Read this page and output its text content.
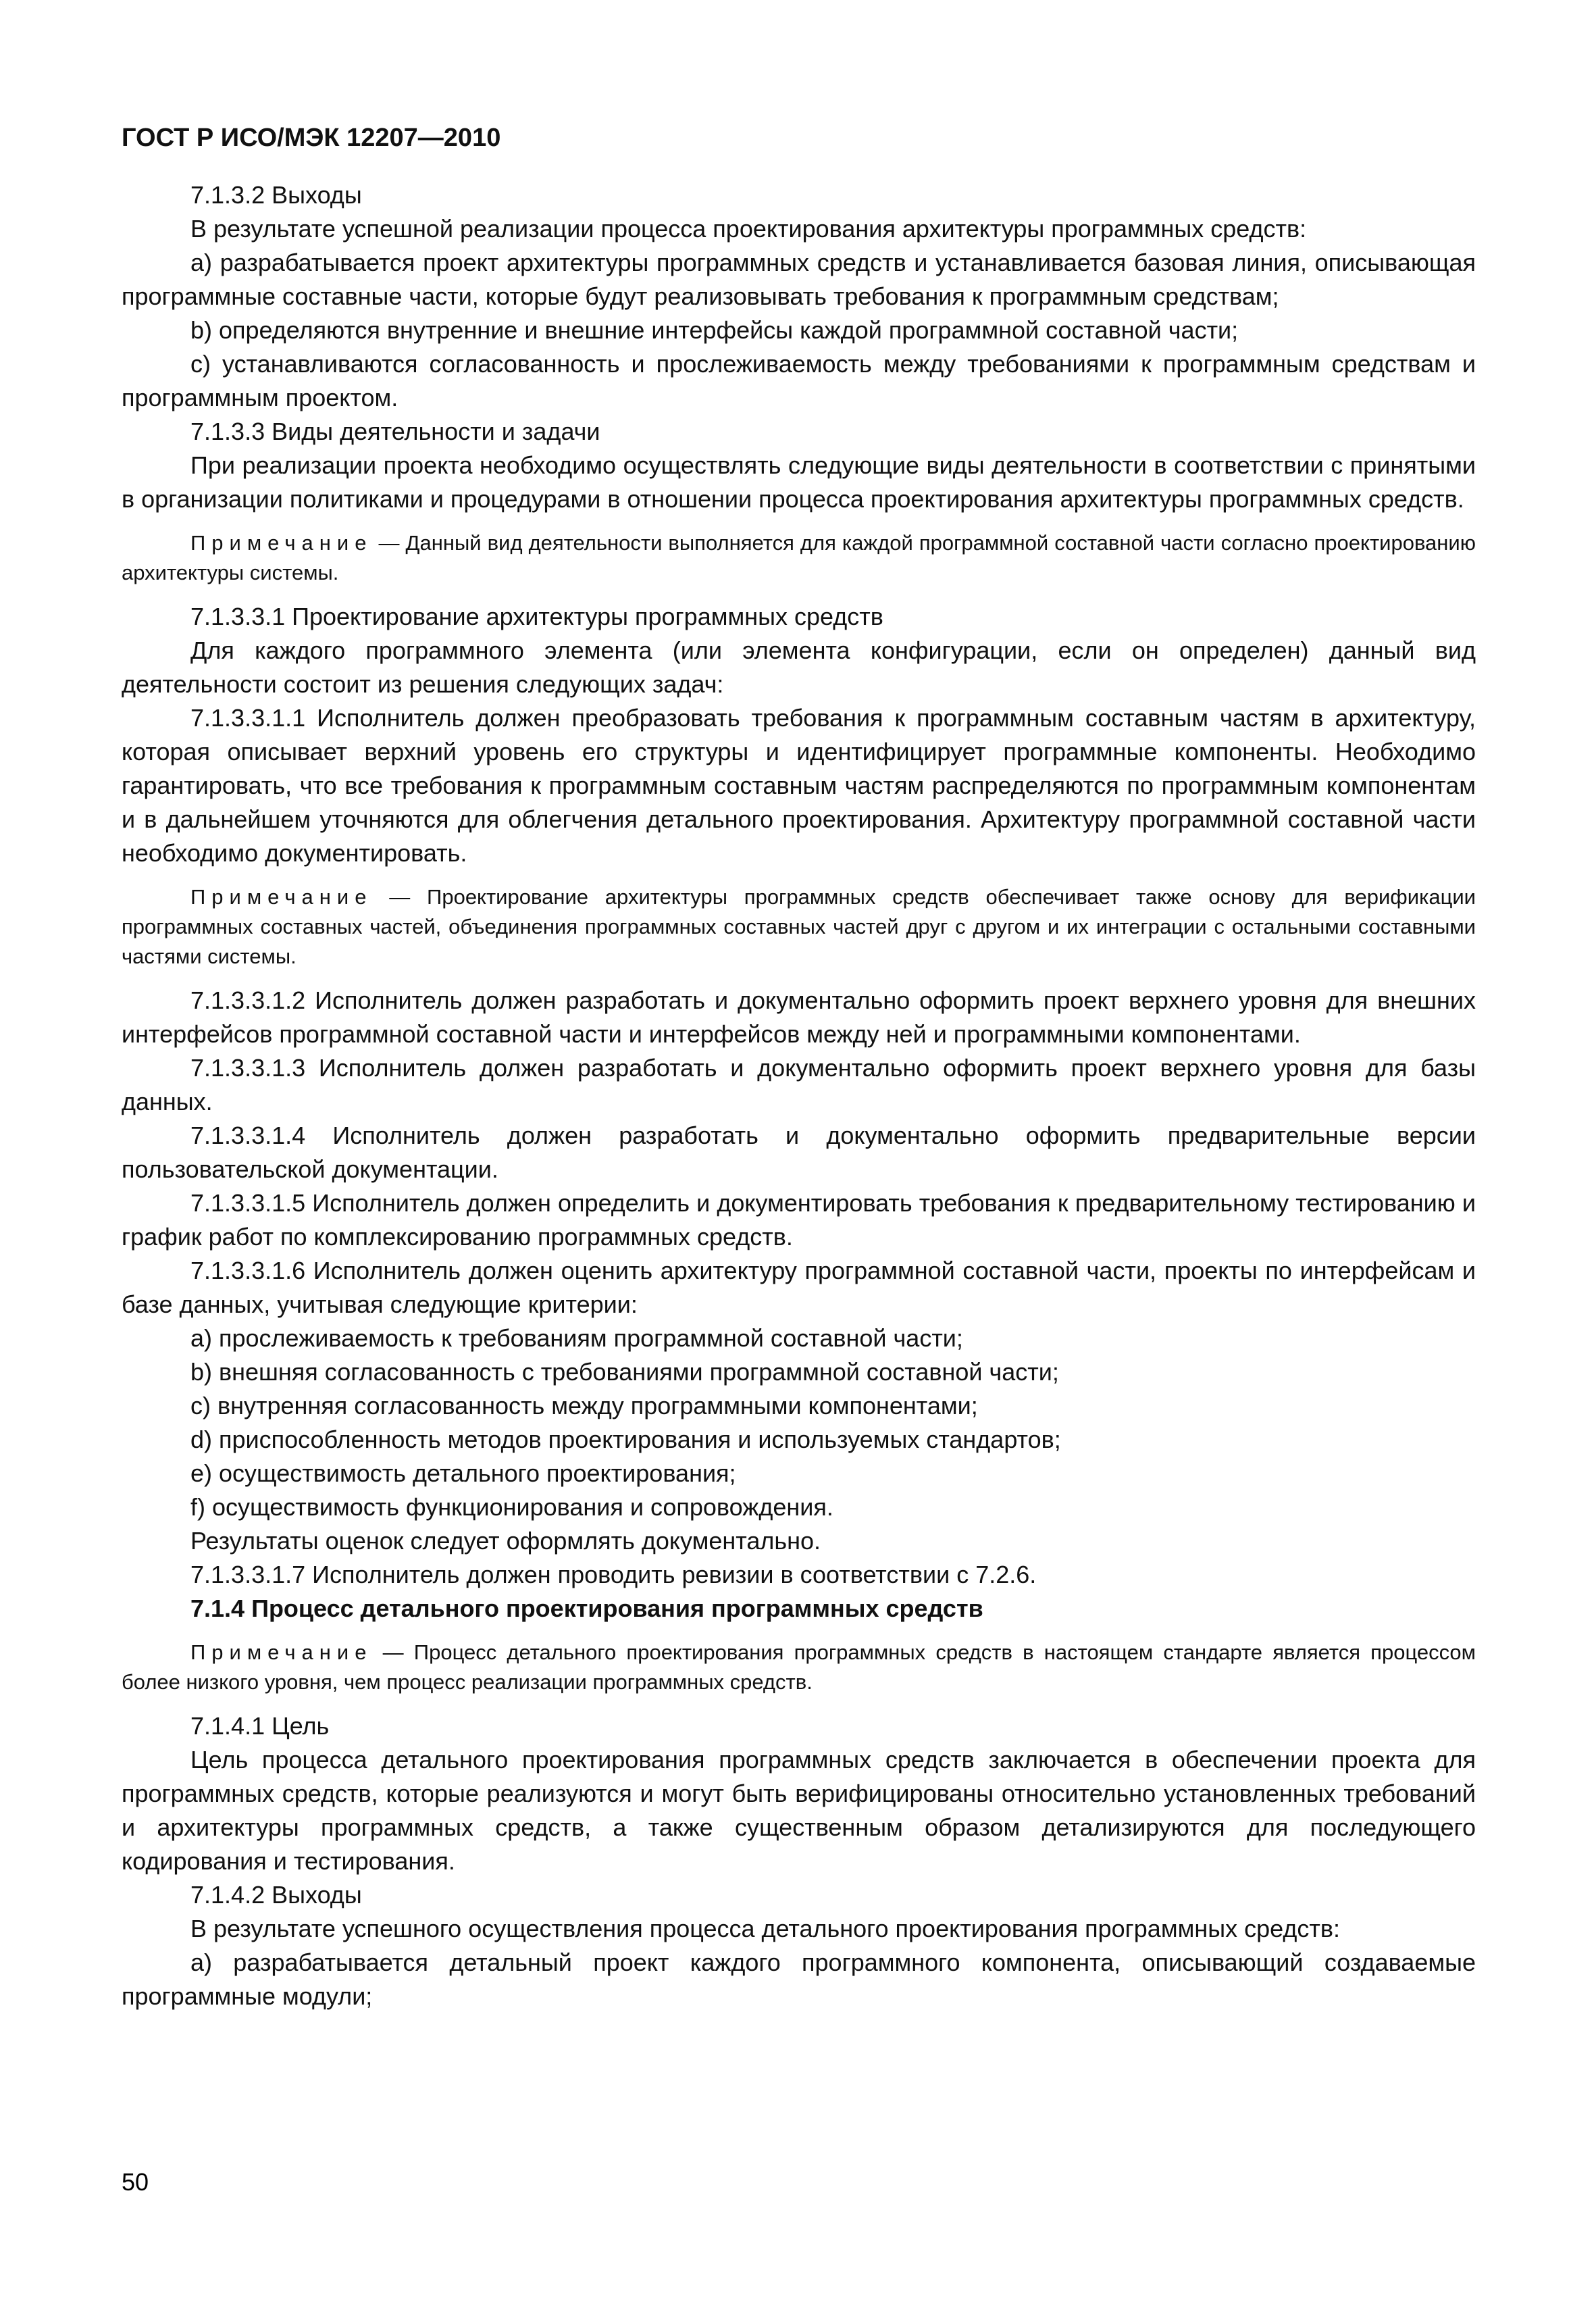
ГОСТ Р ИСО/МЭК 12207—2010

7.1.3.2 Выходы

В результате успешной реализации процесса проектирования архитектуры программных средств:

a) разрабатывается проект архитектуры программных средств и устанавливается базовая линия, описывающая программные составные части, которые будут реализовывать требования к программным средствам;

b) определяются внутренние и внешние интерфейсы каждой программной составной части;

c) устанавливаются согласованность и прослеживаемость между требованиями к программным средствам и программным проектом.

7.1.3.3 Виды деятельности и задачи

При реализации проекта необходимо осуществлять следующие виды деятельности в соответствии с принятыми в организации политиками и процедурами в отношении процесса проектирования архитектуры программных средств.

Примечание — Данный вид деятельности выполняется для каждой программной составной части согласно проектированию архитектуры системы.

7.1.3.3.1 Проектирование архитектуры программных средств

Для каждого программного элемента (или элемента конфигурации, если он определен) данный вид деятельности состоит из решения следующих задач:

7.1.3.3.1.1 Исполнитель должен преобразовать требования к программным составным частям в архитектуру, которая описывает верхний уровень его структуры и идентифицирует программные компоненты. Необходимо гарантировать, что все требования к программным составным частям распределяются по программным компонентам и в дальнейшем уточняются для облегчения детального проектирования. Архитектуру программной составной части необходимо документировать.

Примечание — Проектирование архитектуры программных средств обеспечивает также основу для верификации программных составных частей, объединения программных составных частей друг с другом и их интеграции с остальными составными частями системы.

7.1.3.3.1.2 Исполнитель должен разработать и документально оформить проект верхнего уровня для внешних интерфейсов программной составной части и интерфейсов между ней и программными компонентами.

7.1.3.3.1.3 Исполнитель должен разработать и документально оформить проект верхнего уровня для базы данных.

7.1.3.3.1.4 Исполнитель должен разработать и документально оформить предварительные версии пользовательской документации.

7.1.3.3.1.5 Исполнитель должен определить и документировать требования к предварительному тестированию и график работ по комплексированию программных средств.

7.1.3.3.1.6 Исполнитель должен оценить архитектуру программной составной части, проекты по интерфейсам и базе данных, учитывая следующие критерии:

a) прослеживаемость к требованиям программной составной части;

b) внешняя согласованность с требованиями программной составной части;

c) внутренняя согласованность между программными компонентами;

d) приспособленность методов проектирования и используемых стандартов;

e) осуществимость детального проектирования;

f) осуществимость функционирования и сопровождения.

Результаты оценок следует оформлять документально.

7.1.3.3.1.7 Исполнитель должен проводить ревизии в соответствии с 7.2.6.

7.1.4 Процесс детального проектирования программных средств

Примечание — Процесс детального проектирования программных средств в настоящем стандарте является процессом более низкого уровня, чем процесс реализации программных средств.

7.1.4.1 Цель

Цель процесса детального проектирования программных средств заключается в обеспечении проекта для программных средств, которые реализуются и могут быть верифицированы относительно установленных требований и архитектуры программных средств, а также существенным образом детализируются для последующего кодирования и тестирования.

7.1.4.2 Выходы

В результате успешного осуществления процесса детального проектирования программных средств:

a) разрабатывается детальный проект каждого программного компонента, описывающий создаваемые программные модули;

50
